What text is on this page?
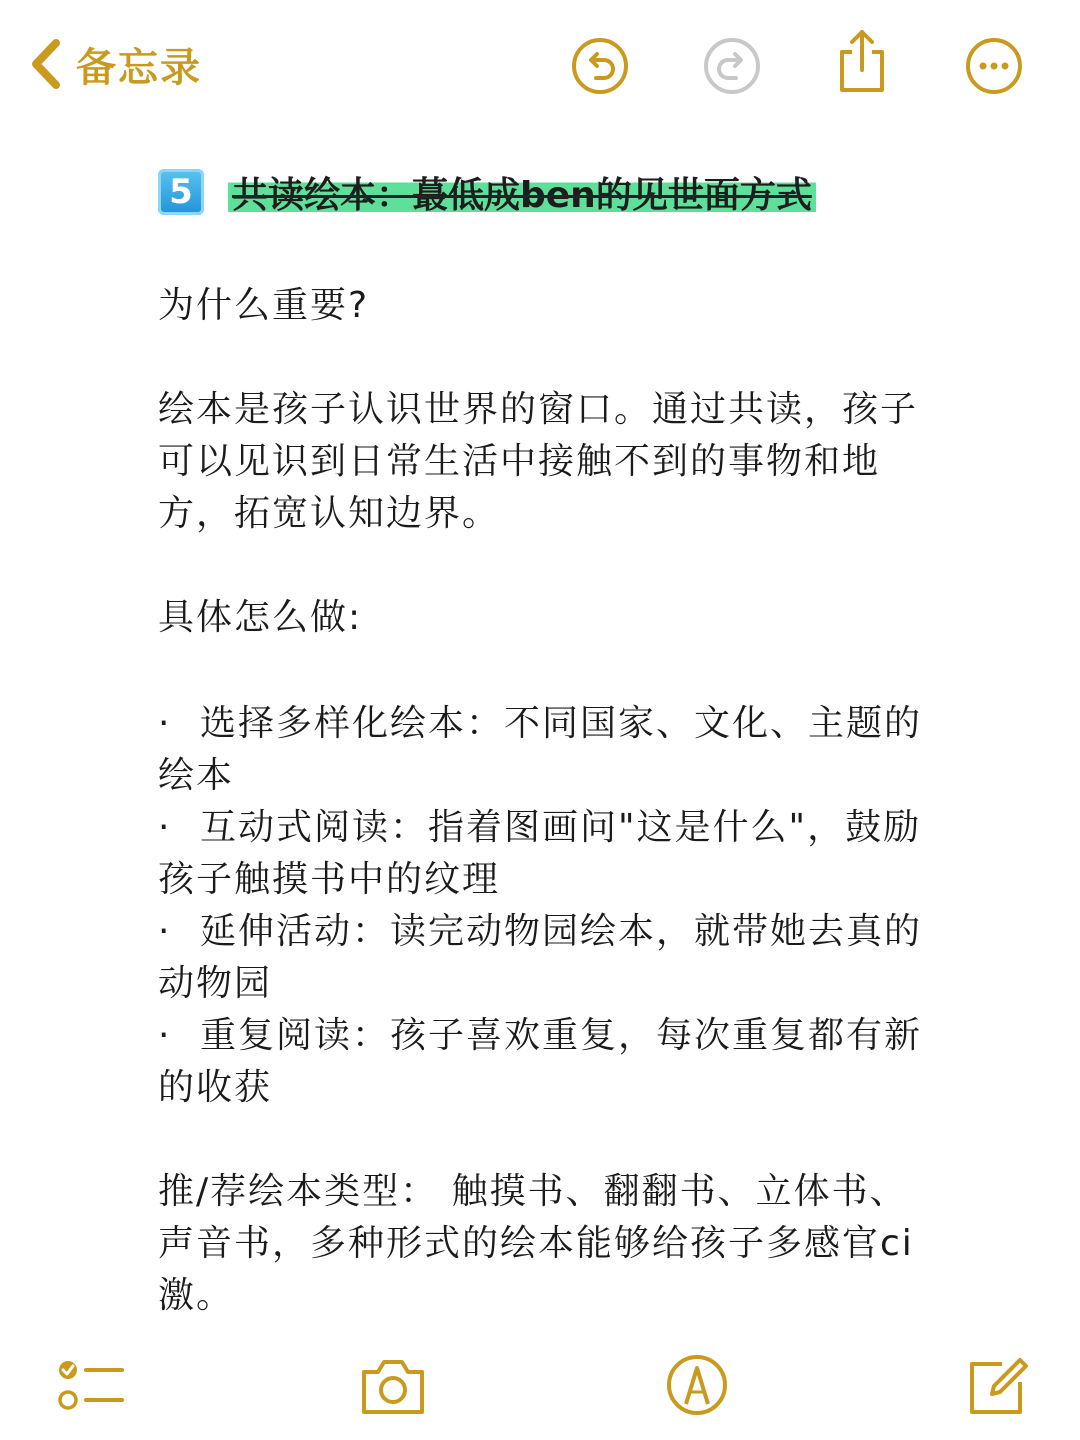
备忘录
5	共读绘本：蕞低成ben的见世面方式
为什么重要?
绘本是孩子认识世界的窗口。通过共读，孩子可以见识到日常生活中接触不到的事物和地方，拓宽认知边界。
具体怎么做:
· 选择多样化绘本：不同国家、文化、主题的绘本
· 互动式阅读：指着图画问"这是什么"，鼓励孩子触摸书中的纹理
· 延伸活动：读完动物园绘本，就带她去真的动物园
· 重复阅读：孩子喜欢重复，每次重复都有新的收获
推/荐绘本类型： 触摸书、翻翻书、立体书、声音书，多种形式的绘本能够给孩子多感官ci激。
